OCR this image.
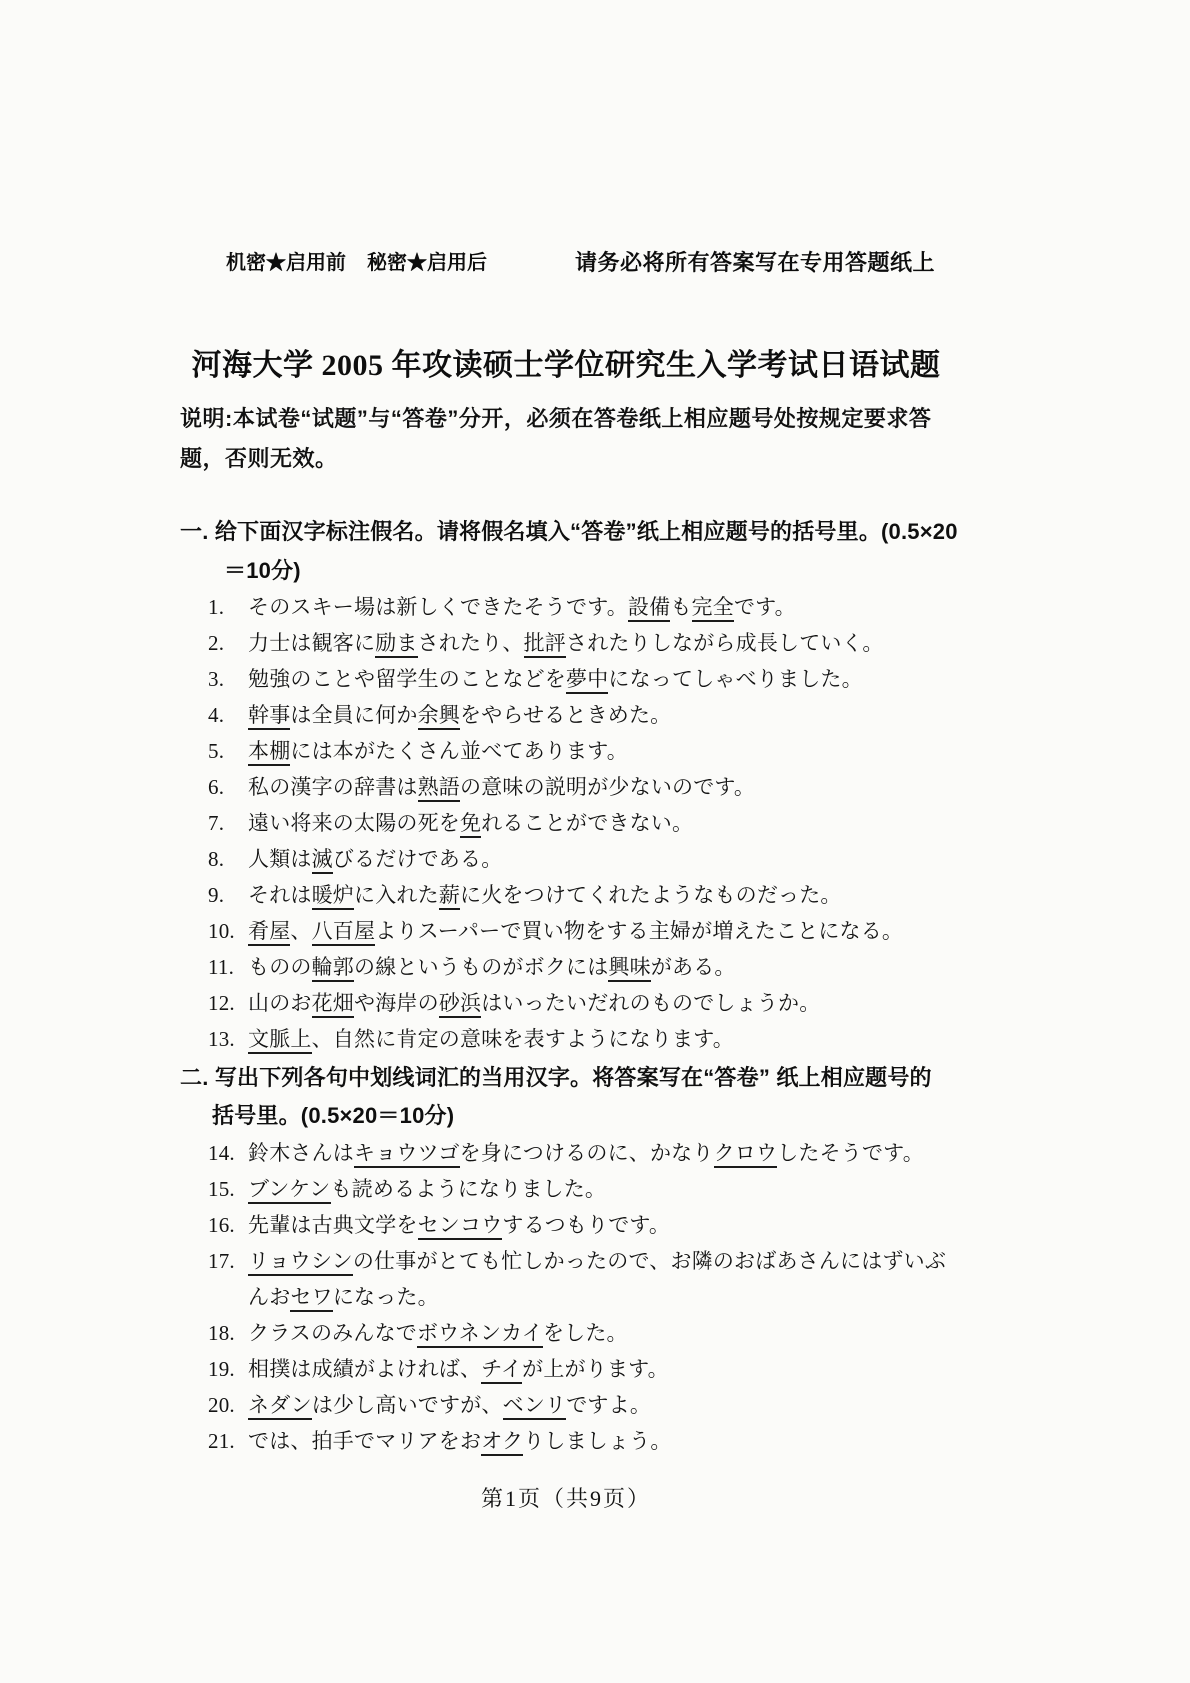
机密★启用前 秘密★启用后	请务必将所有答案写在专用答题纸上
河海大学 2005 年攻读硕士学位研究生入学考试日语试题
说明:本试卷“试题”与“答卷”分开，必须在答卷纸上相应题号处按规定要求答
题，否则无效。
一. 给下面汉字标注假名。请将假名填入“答卷”纸上相应题号的括号里。(0.5×20
＝10分)
1. そのスキー場は新しくできたそうです。設備も完全です。
2. 力士は観客に励まされたり、批評されたりしながら成長していく。
3. 勉強のことや留学生のことなどを夢中になってしゃべりました。
4. 幹事は全員に何か余興をやらせるときめた。
5. 本棚には本がたくさん並べてあります。
6. 私の漢字の辞書は熟語の意味の説明が少ないのです。
7. 遠い将来の太陽の死を免れることができない。
8. 人類は滅びるだけである。
9. それは暖炉に入れた薪に火をつけてくれたようなものだった。
10. 肴屋、八百屋よりスーパーで買い物をする主婦が増えたことになる。
11. ものの輪郭の線というものがボクには興味がある。
12. 山のお花畑や海岸の砂浜はいったいだれのものでしょうか。
13. 文脈上、自然に肯定の意味を表すようになります。
二. 写出下列各句中划线词汇的当用汉字。将答案写在“答卷” 纸上相应题号的
括号里。(0.5×20＝10分)
14. 鈴木さんはキョウツゴを身につけるのに、かなりクロウしたそうです。
15. ブンケンも読めるようになりました。
16. 先輩は古典文学をセンコウするつもりです。
17. リョウシンの仕事がとても忙しかったので、お隣のおばあさんにはずいぶんおセワになった。
18. クラスのみんなでボウネンカイをした。
19. 相撲は成績がよければ、チイが上がります。
20. ネダンは少し高いですが、ベンリですよ。
21. では、拍手でマリアをおオクりしましょう。
第1页（共9页）
